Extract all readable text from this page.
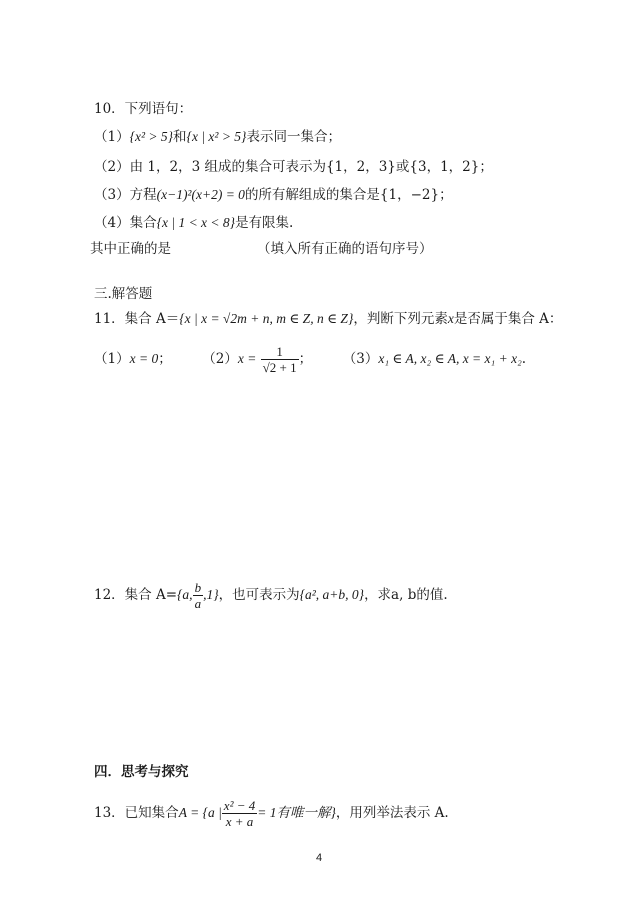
10．下列语句：
（1）{x² > 5}和{x | x² > 5}表示同一集合；
（2）由 1，2，3 组成的集合可表示为{1，2，3}或{3，1，2}；
（3）方程(x−1)²(x+2) = 0的所有解组成的集合是{1，−2}；
（4）集合{x | 1 < x < 8}是有限集.
其中正确的是	（填入所有正确的语句序号）
三.解答题
11．集合 A＝{x | x = √2m + n, m ∈ Z, n ∈ Z}，判断下列元素x是否属于集合 A：
（1）x = 0； $(2)x = \frac{1}{√2 + 1}$ ； （3）x₁ ∈ A, x₂ ∈ A, x = x₁ + x₂.
12．集合 A={a, $\frac{b}{a} ,1$}，也可表示为{a², a+b, 0}，求a, b的值.
四．思考与探究
13．已知集合A = {a | $\frac{\text{x² − 4}}{x + a} = 1$有唯一解}，用列举法表示 A.
4
